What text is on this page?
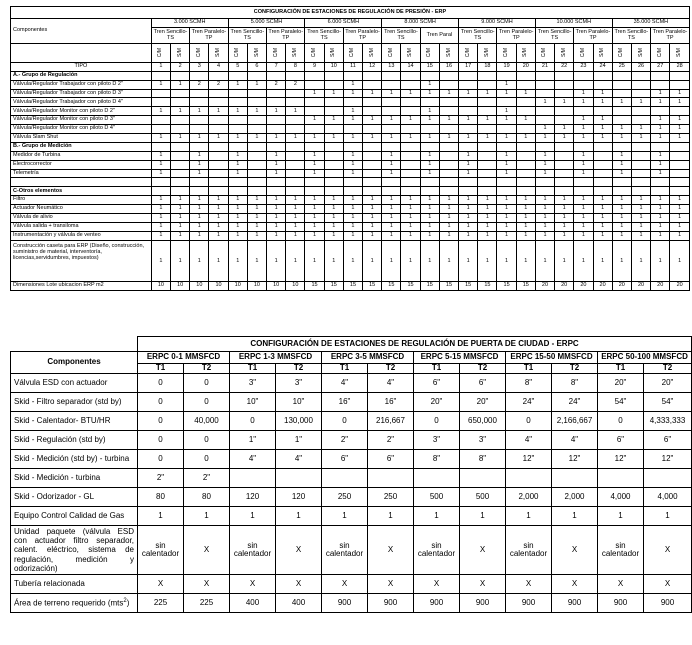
CONFIGURACIÓN DE ESTACIONES DE REGULACIÓN DE PRESIÓN - ERP																												
Componentes	3.000 SCMH				5.000 SCMH				6.000 SCMH				8.000 SCMH				9.000 SCMH				10.000 SCMH				35.000 SCMH			
	Tren Sencillo-TS		Tren Paralelo-TP		Tren Sencillo-TS		Tren Paralelo-TP		Tren Sencillo-TS		Tren Paralelo-TP		Tren Sencillo-TS		Tren Paral		Tren Sencillo-TS		Tren Paralelo-TP		Tren Sencillo-TS		Tren Paralelo-TP		Tren Sencillo-TS		Tren Paralelo-TP	
	C/M	S/M	C/M	S/M	C/M	S/M	C/M	S/M	C/M	S/M	C/M	S/M	C/M	S/M	C/M	S/M	C/M	S/M	C/M	S/M	C/M	S/M	C/M	S/M	C/M	S/M	C/M	S/M
TIPO	1	2	3	4	5	6	7	8	9	10	11	12	13	14	15	16	17	18	19	20	21	22	23	24	25	26	27	28
A.- Grupo de Regulación																												
Válvula/Regulador Trabajador con piloto D 2"	1	1	2	2	1	1	2	2			1				1				1									
Válvula/Regulador Trabajador con piloto D 3"									1	1	1	1	1	1	1	1	1	1	1	1			1	1			1	1
Válvula/Regulador Trabajador con piloto D 4"																					1	1	1	1	1	1	1	1
Válvula/Regulador Monitor con piloto D 2"	1	1	1	1	1	1	1	1			1				1				1									
Válvula/Regulador Monitor con piloto D 3"									1	1	1	1	1	1	1	1	1	1	1	1			1	1			1	1
Válvula/Regulador Monitor con piloto D 4"																					1	1	1	1	1	1	1	1
Válvula Slam Shut	1	1	1	1	1	1	1	1	1	1	1	1	1	1	1	1	1	1	1	1	1	1	1	1	1	1	1	1
B.- Grupo de Medición																												
Medidor de Turbina	1		1		1		1		1		1		1		1		1		1		1		1		1		1	
Electrocorrector	1		1		1		1		1		1		1		1		1		1		1		1		1		1	
Telemetría	1		1		1		1		1		1		1		1		1		1		1		1		1		1	

C-Otros elementos																												
Filtro	1	1	1	1	1	1	1	1	1	1	1	1	1	1	1	1	1	1	1	1	1	1	1	1	1	1	1	1
Actuador Neumático	1	1	1	1	1	1	1	1	1	1	1	1	1	1	1	1	1	1	1	1	1	1	1	1	1	1	1	1
Válvula de alivio	1	1	1	1	1	1	1	1	1	1	1	1	1	1	1	1	1	1	1	1	1	1	1	1	1	1	1	1
Válvula salida + transiloma	1	1	1	1	1	1	1	1	1	1	1	1	1	1	1	1	1	1	1	1	1	1	1	1	1	1	1	1
Instrumentación y válvula de venteo	1	1	1	1	1	1	1	1	1	1	1	1	1	1	1	1	1	1	1	1	1	1	1	1	1	1	1	1
Construcción caseta para ERP (Diseño, construcción, suministro de material, interventoría, licencias,servidumbres, impuestos)	1	1	1	1	1	1	1	1	1	1	1	1	1	1	1	1	1	1	1	1	1	1	1	1	1	1	1	1
Dimensiones Lote ubicacion ERP m2	10	10	10	10	10	10	10	10	15	15	15	15	15	15	15	15	15	15	15	15	20	20	20	20	20	20	20	20
	CONFIGURACIÓN DE ESTACIONES DE REGULACIÓN DE PUERTA DE CIUDAD - ERPC											
Componentes	ERPC 0-1 MMSFCD		ERPC 1-3 MMSFCD		ERPC 3-5 MMSFCD		ERPC 5-15 MMSFCD		ERPC 15-50 MMSFCD		ERPC 50-100 MMSFCD	
	T1	T2	T1	T2	T1	T2	T1	T2	T1	T2	T1	T2
Válvula ESD con actuador	0	0	3"	3"	4"	4"	6"	6"	8"	8"	20"	20"
Skid - Filtro separador (std by)	0	0	10"	10"	16"	16"	20"	20"	24"	24"	54"	54"
Skid - Calentador- BTU/HR	0	40,000	0	130,000	0	216,667	0	650,000	0	2,166,667	0	4,333,333
Skid - Regulación (std by)	0	0	1"	1"	2"	2"	3"	3"	4"	4"	6"	6"
Skid - Medición (std by) - turbina	0	0	4"	4"	6"	6"	8"	8"	12"	12"	12"	12"
Skid - Medición - turbina	2"	2"										
Skid - Odorizador - GL	80	80	120	120	250	250	500	500	2,000	2,000	4,000	4,000
Equipo Control Calidad de Gas	1	1	1	1	1	1	1	1	1	1	1	1
Unidad paquete (válvula ESD con actuador filtro separador, calent. eléctrico, sistema de regulación, medición y odorización)	sin calentador	X	sin calentador	X	sin calentador	X	sin calentador	X	sin calentador	X	sin calentador	X
Tubería relacionada	X	X	X	X	X	X	X	X	X	X	X	X
Área de terreno requerido (mts$^2$)	225	225	400	400	900	900	900	900	900	900	900	900
